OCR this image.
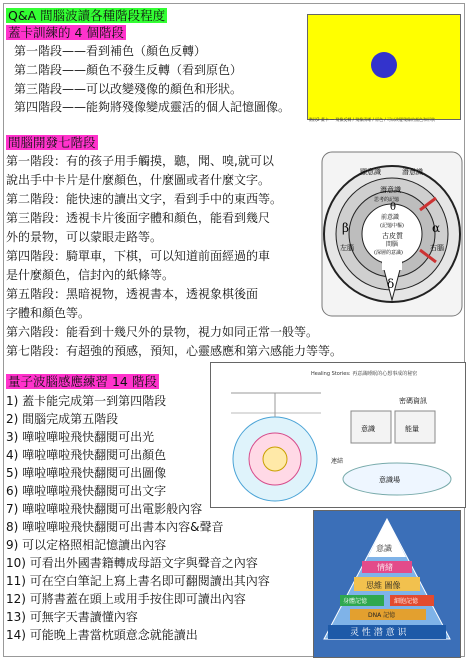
Q&A 間腦波讀各種階段程度
蓋卡訓練的 4 個階段
第一階段——看到補色（顏色反轉）
第二階段——顏色不發生反轉（看到原色）
第三階段——可以改變殘像的顏色和形狀。
第四階段——能夠將殘像變成靈活的個人記憶圖像。
階段2 畫卡 — 殘像反轉 / 殘像清晰 / 原色 / 可以改變殘像的顏色和形狀
間腦開發七階段
第一階段：有的孩子用手觸摸，聽，聞、嗅,就可以
說出手中卡片是什麼顏色，什麼圖或者什麼文字。
第二階段：能快速的讀出文字，看到手中的東西等。
第三階段：透視卡片後面字體和顏色，能看到幾尺
外的景物，可以蒙眼走路等。
第四階段：騎單車，下棋，可以知道前面經過的車
是什麼顏色，信封內的紙條等。
第五階段：黑暗視物，透視書本，透視象棋後面
字體和顏色等。
第六階段：能看到十幾尺外的景物，視力如同正常一般等。
第七階段：有超強的預感，預知，心靈感應和第六感能力等等。
顯意識	潛意識
潛意識
思考的記憶
θ
前意識
(記憶中樞)
古皮質
間腦
(深層的意識)
β
左腦
α
右腦
δ
量子波腦感應練習 14 階段
1) 蓋卡能完成第一到第四階段
2) 間腦完成第五階段
3) 嘩啦嘩啦飛快翻閱可出光
4) 嘩啦嘩啦飛快翻閱可出顏色
5) 嘩啦嘩啦飛快翻閱可出圖像
6) 嘩啦嘩啦飛快翻閱可出文字
7) 嘩啦嘩啦飛快翻閱可出電影般內容
8) 嘩啦嘩啦飛快翻閱可出書本內容&聲音
9) 可以定格照相記憶讀出內容
10) 可看出外國書籍轉成母語文字與聲音之內容
11) 可在空白筆記上寫上書名即可翻閱讀出其內容
12) 可將書蓋在頭上或用手按住即可讀出內容
13) 可無字天書讀懂內容
14) 可能晚上書當枕頭意念就能讀出
Healing Stories: 再意識睡眠的心想事成的秘密
意識	能量
密碼資訊
意識場
連結
意識
情緒
思維 圖像
身體記憶	細胞記憶
DNA 記憶
灵 性 潜 意 识
